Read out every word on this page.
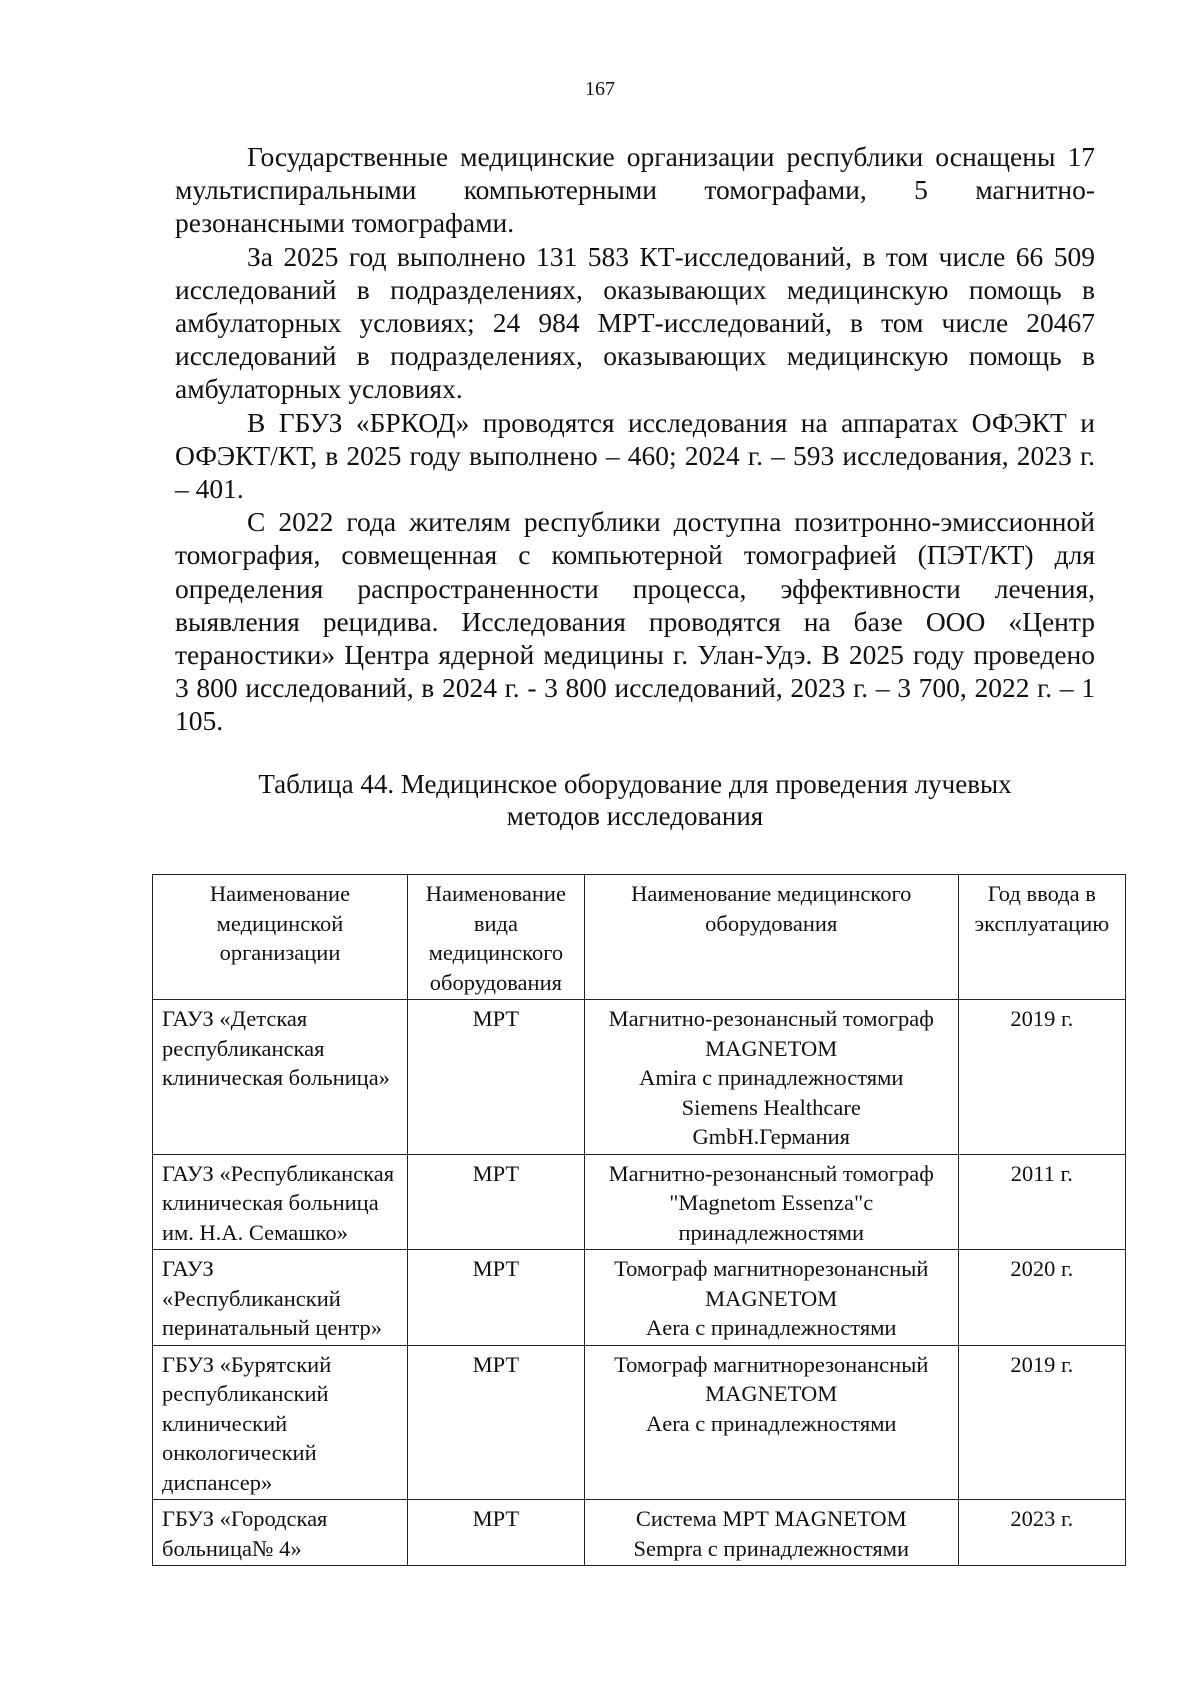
167

Государственные медицинские организации республики оснащены 17 мультиспиральными компьютерными томографами, 5 магнитно-резонансными томографами.

За 2025 год выполнено 131 583 КТ-исследований, в том числе 66 509 исследований в подразделениях, оказывающих медицинскую помощь в амбулаторных условиях; 24 984 МРТ-исследований, в том числе 20467 исследований в подразделениях, оказывающих медицинскую помощь в амбулаторных условиях.

В ГБУЗ «БРКОД» проводятся исследования на аппаратах ОФЭКТ и ОФЭКТ/КТ, в 2025 году выполнено – 460; 2024 г. – 593 исследования, 2023 г. – 401.

С 2022 года жителям республики доступна позитронно-эмиссионной томография, совмещенная с компьютерной томографией (ПЭТ/КТ) для определения распространенности процесса, эффективности лечения, выявления рецидива. Исследования проводятся на базе ООО «Центр тераностики» Центра ядерной медицины г. Улан-Удэ. В 2025 году проведено 3 800 исследований, в 2024 г. - 3 800 исследований, 2023 г. – 3 700, 2022 г. – 1 105.

Таблица 44. Медицинское оборудование для проведения лучевых
методов исследования
Наименование медицинской организации	Наименование вида медицинского оборудования	Наименование медицинского оборудования	Год ввода в эксплуатацию
ГАУЗ «Детская республиканская клиническая больница»	МРТ	Магнитно-резонансный томограф
MAGNETOM
Amira с принадлежностями
Siemens Healthcare
GmbH.Германия	2019 г.
ГАУЗ «Республиканская клиническая больница им. Н.А. Семашко»	МРТ	Магнитно-резонансный томограф
"Magnetom Essenza"с
принадлежностями	2011 г.
ГАУЗ «Республиканский перинатальный центр»	МРТ	Томограф магнитнорезонансный
MAGNETOM
Aera с принадлежностями	2020 г.
ГБУЗ «Бурятский республиканский клинический онкологический диспансер»	МРТ	Томограф магнитнорезонансный
MAGNETOM
Aera с принадлежностями	2019 г.
ГБУЗ «Городская больница№ 4»	МРТ	Система МРТ MAGNETOM
Sempra с принадлежностями	2023 г.
